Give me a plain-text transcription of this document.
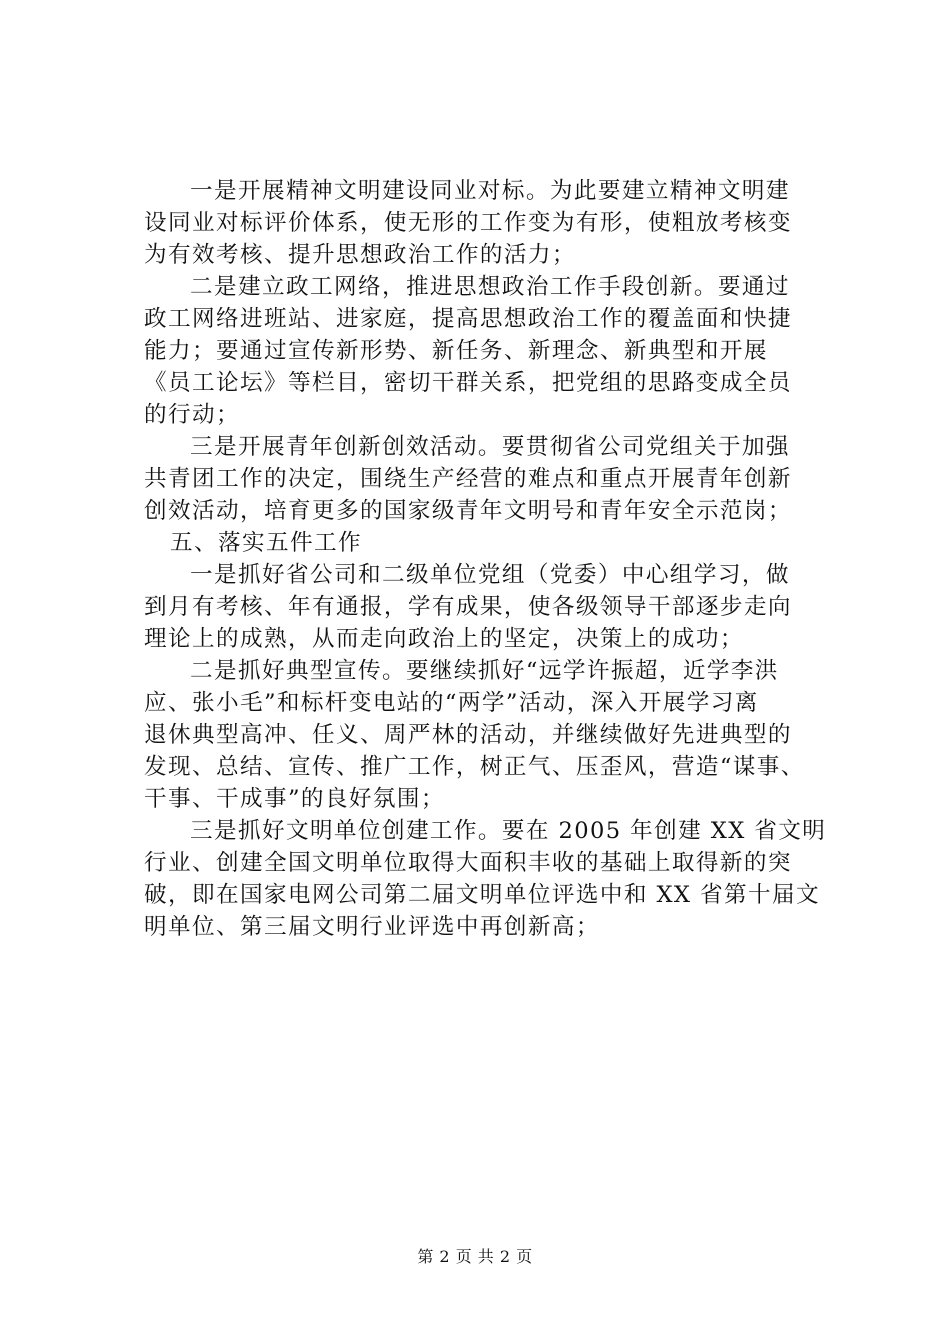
一是开展精神文明建设同业对标。为此要建立精神文明建
设同业对标评价体系，使无形的工作变为有形，使粗放考核变
为有效考核、提升思想政治工作的活力；
二是建立政工网络，推进思想政治工作手段创新。要通过
政工网络进班站、进家庭，提高思想政治工作的覆盖面和快捷
能力；要通过宣传新形势、新任务、新理念、新典型和开展
《员工论坛》等栏目，密切干群关系，把党组的思路变成全员
的行动；
三是开展青年创新创效活动。要贯彻省公司党组关于加强
共青团工作的决定，围绕生产经营的难点和重点开展青年创新
创效活动，培育更多的国家级青年文明号和青年安全示范岗；
五、落实五件工作
一是抓好省公司和二级单位党组（党委）中心组学习，做
到月有考核、年有通报，学有成果，使各级领导干部逐步走向
理论上的成熟，从而走向政治上的坚定，决策上的成功；
二是抓好典型宣传。要继续抓好“远学许振超，近学李洪
应、张小毛”和标杆变电站的“两学”活动，深入开展学习离
退休典型高冲、任义、周严林的活动，并继续做好先进典型的
发现、总结、宣传、推广工作，树正气、压歪风，营造“谋事、
干事、干成事”的良好氛围；
三是抓好文明单位创建工作。要在 2005 年创建 XX 省文明
行业、创建全国文明单位取得大面积丰收的基础上取得新的突
破，即在国家电网公司第二届文明单位评选中和 XX 省第十届文
明单位、第三届文明行业评选中再创新高；
第 2 页 共 2 页
